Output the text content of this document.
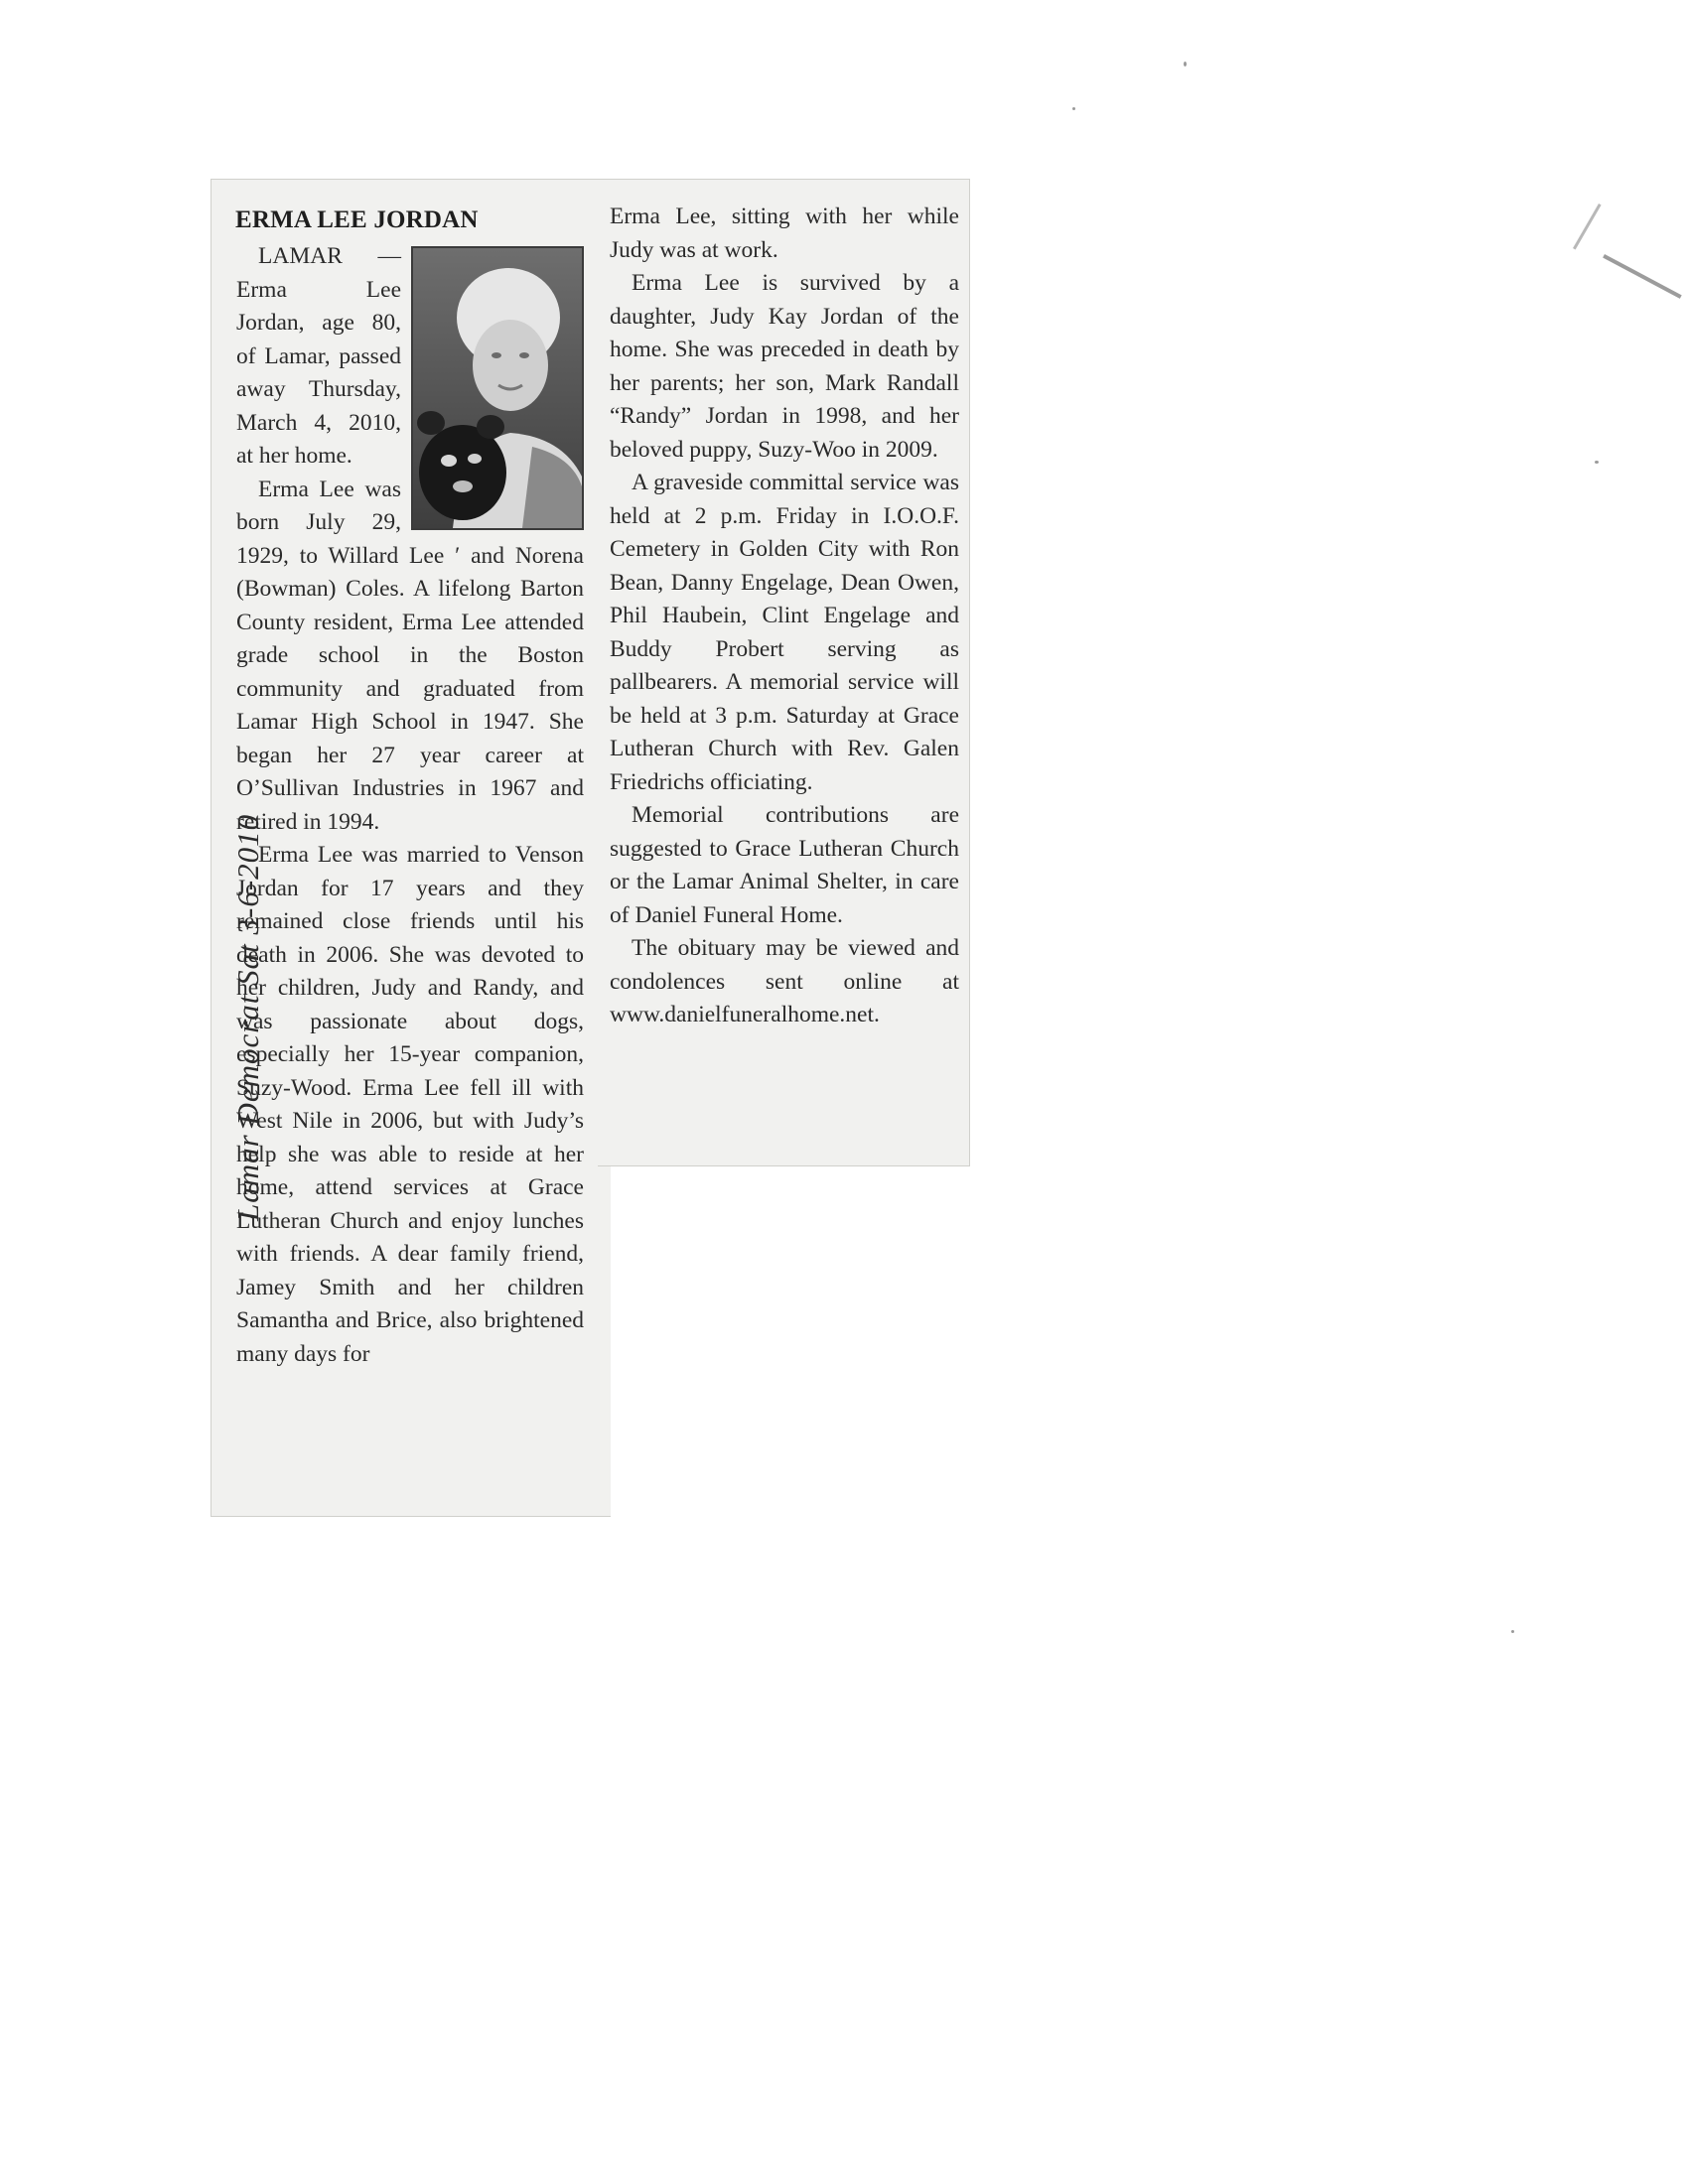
ERMA LEE JORDAN

LAMAR — Erma Lee Jordan, age 80, of Lamar, passed away Thursday, March 4, 2010, at her home.

Erma Lee was born July 29, 1929, to Willard Lee ʹ and Norena (Bowman) Coles. A lifelong Barton County resident, Erma Lee attended grade school in the Boston community and graduated from Lamar High School in 1947. She began her 27 year career at O’Sullivan Industries in 1967 and retired in 1994.

Erma Lee was married to Venson Jordan for 17 years and they remained close friends until his death in 2006. She was devoted to her children, Judy and Randy, and was passionate about dogs, especially her 15-year companion, Suzy-Wood. Erma Lee fell ill with West Nile in 2006, but with Judy’s help she was able to reside at her home, attend services at Grace Lutheran Church and enjoy lunches with friends. A dear family friend, Jamey Smith and her children Samantha and Brice, also brightened many days for

Erma Lee, sitting with her while Judy was at work.

Erma Lee is survived by a daughter, Judy Kay Jordan of the home. She was preceded in death by her parents; her son, Mark Randall “Randy” Jordan in 1998, and her beloved puppy, Suzy-Woo in 2009.

A graveside committal service was held at 2 p.m. Friday in I.O.O.F. Cemetery in Golden City with Ron Bean, Danny Engelage, Dean Owen, Phil Haubein, Clint Engelage and Buddy Probert serving as pallbearers. A memorial service will be held at 3 p.m. Saturday at Grace Lutheran Church with Rev. Galen Friedrichs officiating.

Memorial contributions are suggested to Grace Lutheran Church or the Lamar Animal Shelter, in care of Daniel Funeral Home.

The obituary may be viewed and condolences sent online at www.danielfuneralhome.net.

Lamar Democrat Sat 3-6-2010
